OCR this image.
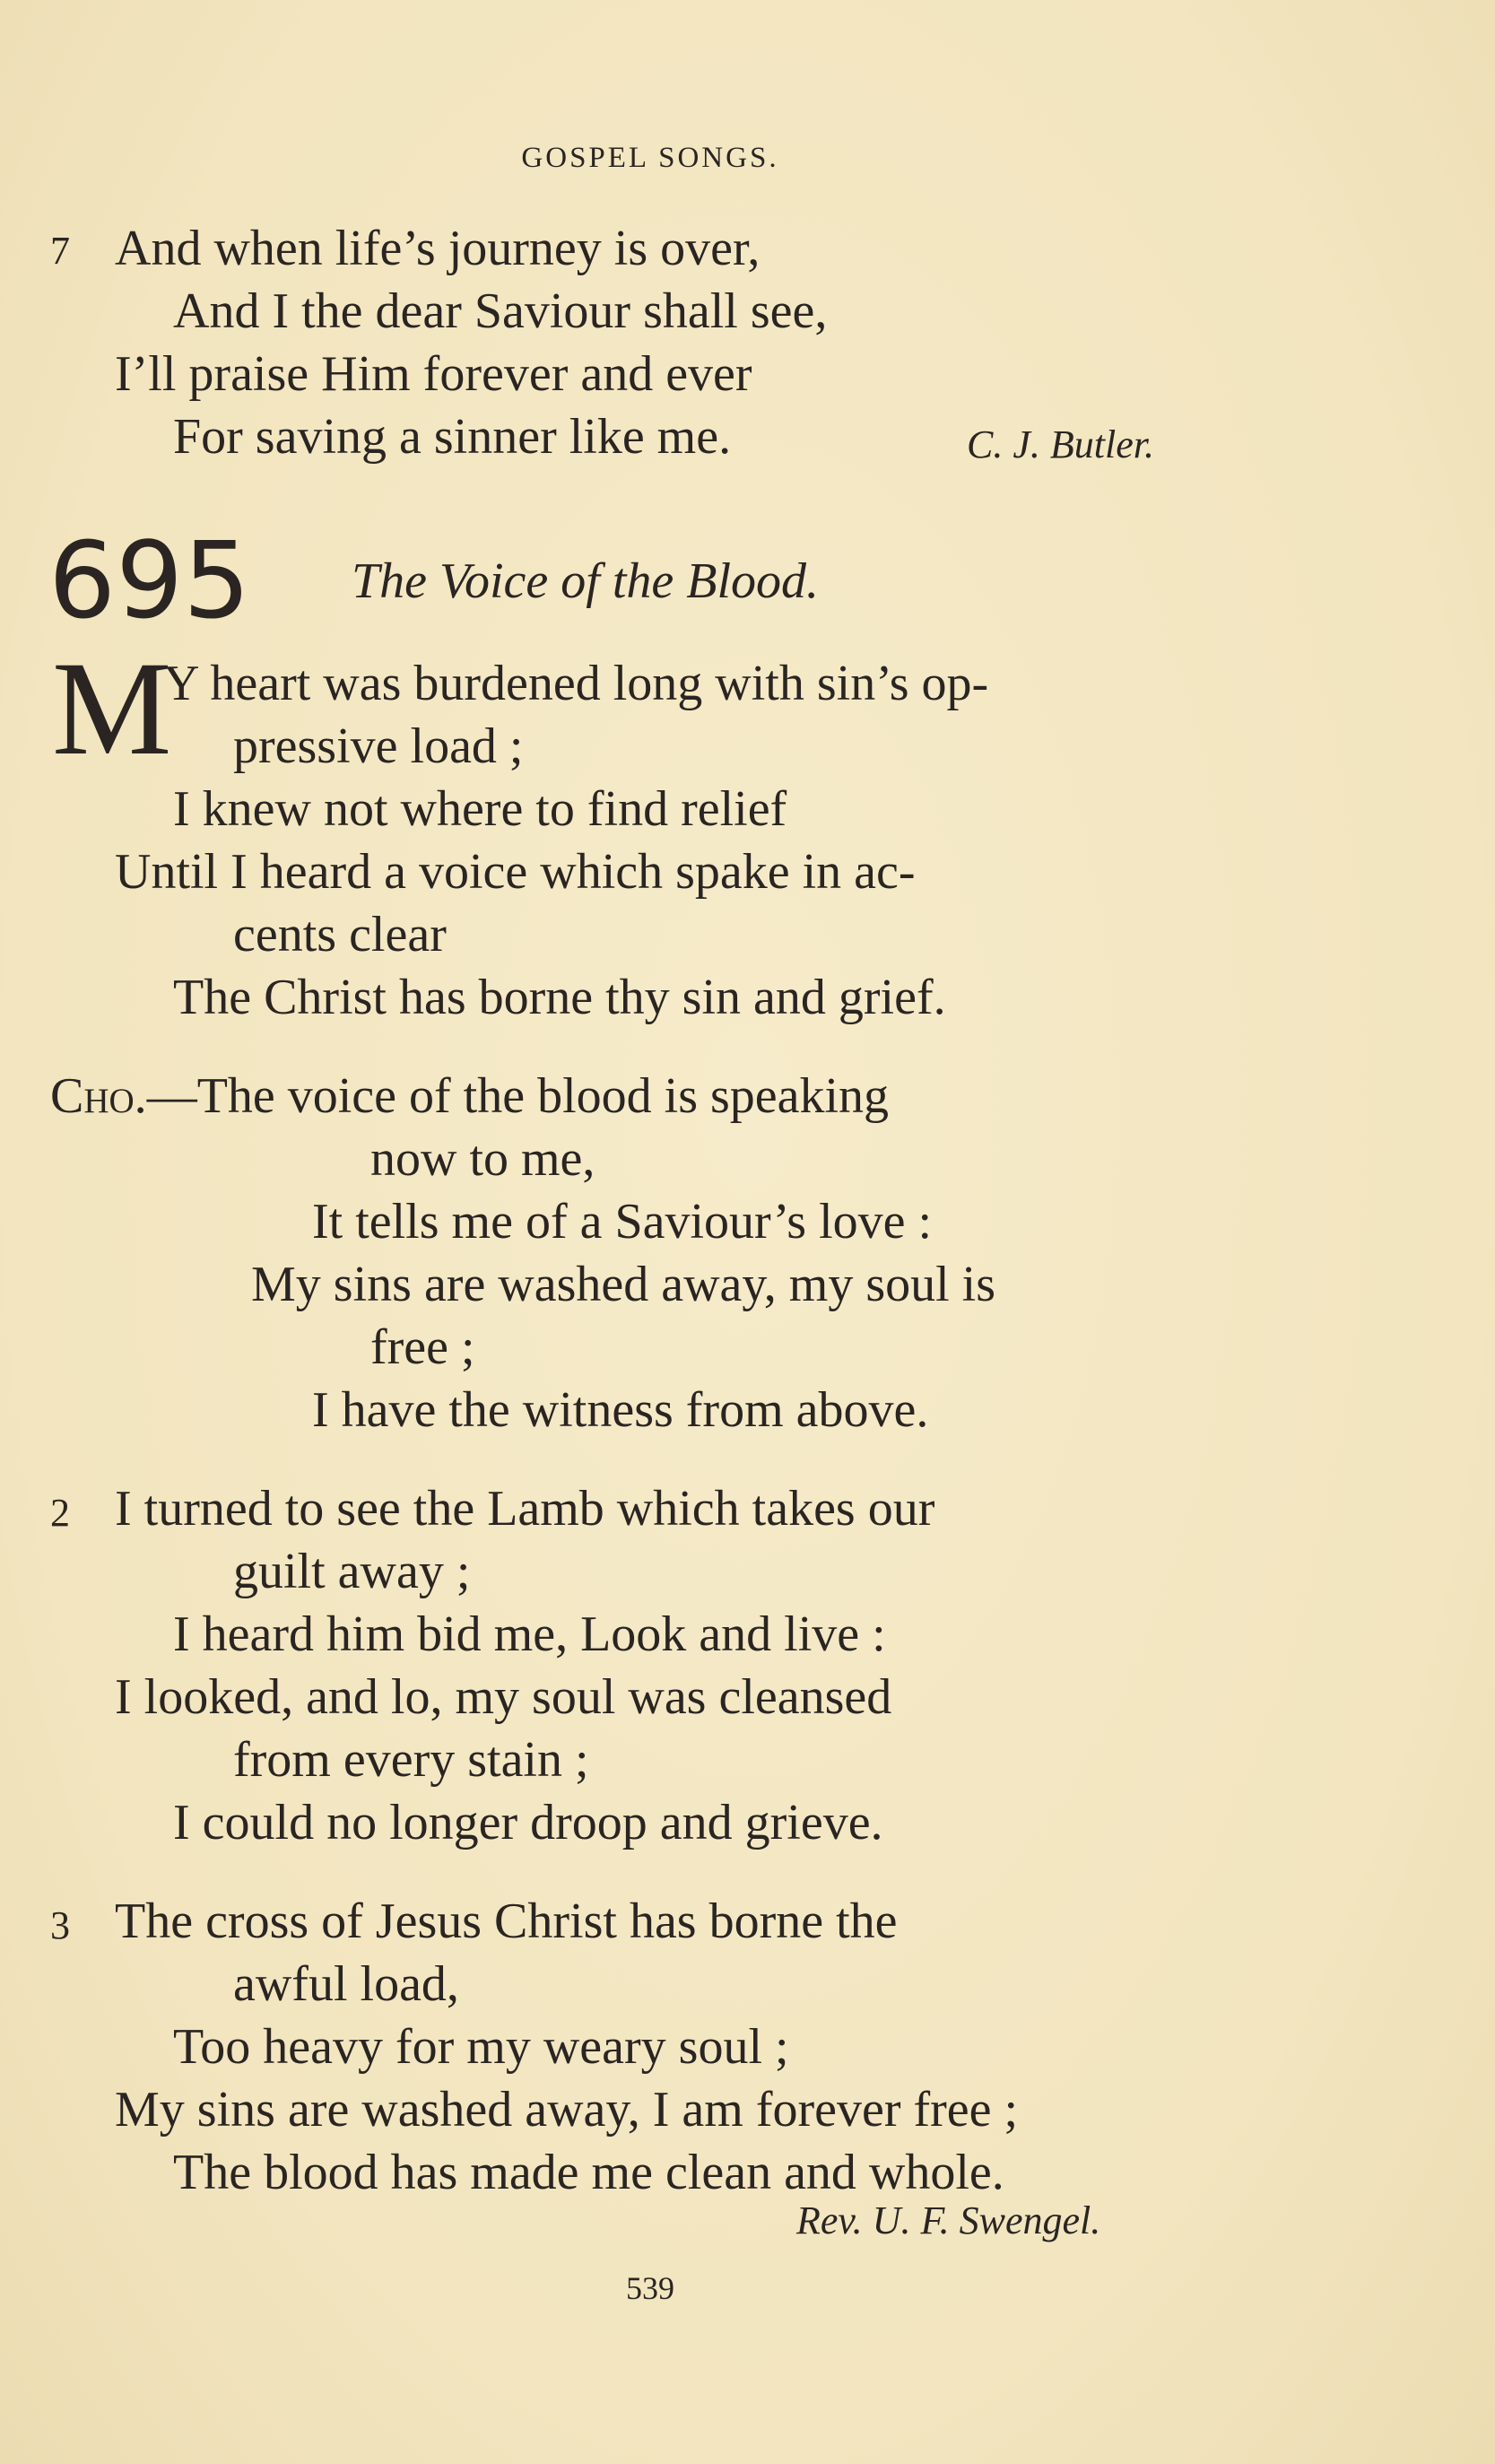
GOSPEL SONGS.
7 And when life’s journey is over,
And I the dear Saviour shall see,
I’ll praise Him forever and ever
For saving a sinner like me.	C. J. Butler.
695 The Voice of the Blood.
M
Y heart was burdened long with sin’s op-
pressive load ;
I knew not where to find relief
Until I heard a voice which spake in ac-
cents clear
The Christ has borne thy sin and grief.
Cho.—The voice of the blood is speaking
now to me,
It tells me of a Saviour’s love :
My sins are washed away, my soul is
free ;
I have the witness from above.
2 I turned to see the Lamb which takes our
guilt away ;
I heard him bid me, Look and live :
I looked, and lo, my soul was cleansed
from every stain ;
I could no longer droop and grieve.
3 The cross of Jesus Christ has borne the
awful load,
Too heavy for my weary soul ;
My sins are washed away, I am forever free ;
The blood has made me clean and whole.
Rev. U. F. Swengel.
539
